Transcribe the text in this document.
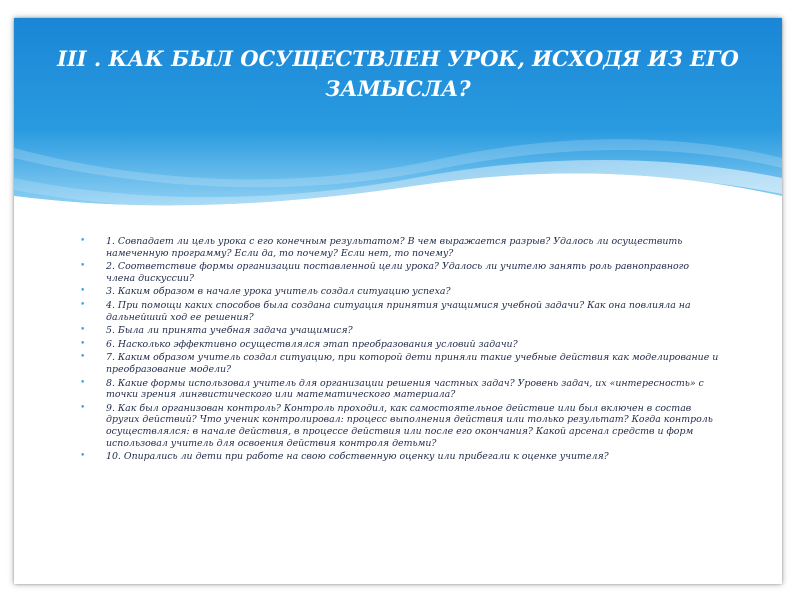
III . КАК БЫЛ ОСУЩЕСТВЛЕН УРОК, ИСХОДЯ ИЗ ЕГО ЗАМЫСЛА?
• 1. Совпадает ли цель урока с его конечным результатом? В чем выражается разрыв? Удалось ли осуществить намеченную программу? Если да, то почему? Если нет, то почему?
• 2. Соответствие формы организации поставленной цели урока? Удалось ли учителю занять роль равноправного члена дискуссии?
• 3. Каким образом в начале урока учитель создал ситуацию успеха?
• 4. При помощи каких способов была создана ситуация принятия учащимися учебной задачи? Как она повлияла на дальнейший ход ее решения?
• 5. Была ли принята учебная задача учащимися?
• 6. Насколько эффективно осуществлялся этап преобразования условий задачи?
• 7. Каким образом учитель создал ситуацию, при которой дети приняли такие учебные действия как моделирование и преобразование модели?
• 8. Какие формы использовал учитель для организации решения частных задач? Уровень задач, их «интересность» с точки зрения лингвистического или математического материала?
• 9. Как был организован контроль? Контроль проходил, как самостоятельное действие или был включен в состав других действий? Что ученик контролировал: процесс выполнения действия или только результат? Когда контроль осуществлялся: в начале действия, в процессе действия или после его окончания? Какой арсенал средств и форм использовал учитель для освоения действия контроля детьми?
• 10. Опирались ли дети при работе на свою собственную оценку или прибегали к оценке учителя?
